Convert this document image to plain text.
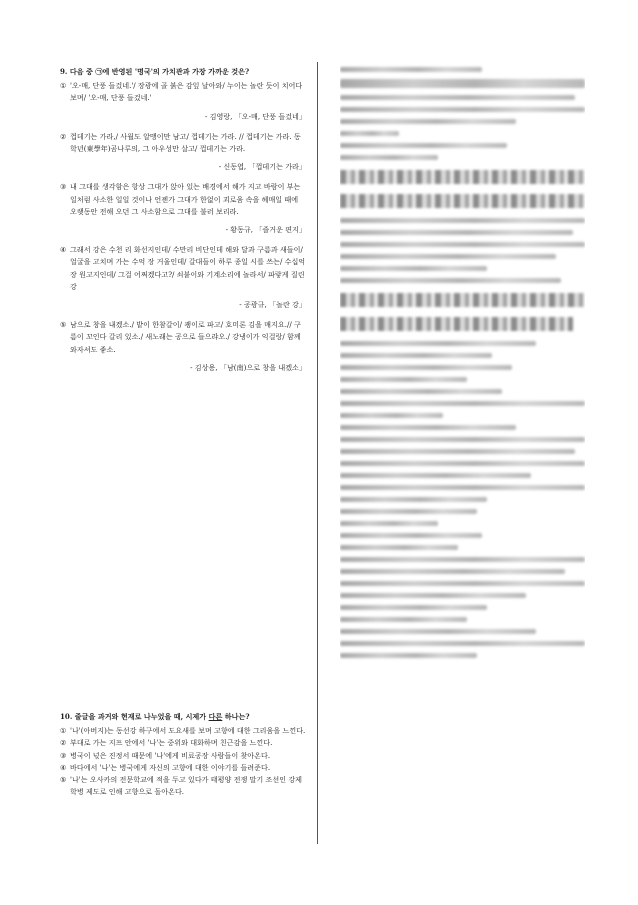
9. 다음 중 ㉠에 반영된 '명국'의 가치관과 가장 가까운 것은?
① '오-매, 단풍 들겄네.'/ 장광에 골 붉은 감잎 날아와/ 누이는 놀란 듯이 치어다보며/ '오-매, 단풍 들겄네.'
- 김영랑, 「오-매, 단풍 들겄네」
② 껍데기는 가라,/ 사월도 알맹이만 남고/ 껍데기는 가라. // 껍데기는 가라. 동학년(東學年)곰나루의, 그 아우성만 살고/ 껍데기는 가라.
- 신동엽, 「껍데기는 가라」
③ 내 그대를 생각함은 항상 그대가 앉아 있는 배경에서 해가 지고 바람이 부는 일처럼 사소한 일일 것이나 언젠가 그대가 한없이 괴로움 속을 헤매일 때에 오랫동안 전해 오던 그 사소함으로 그대를 불러 보리라.
- 황동규, 「즐거운 편지」
④ 그래서 강은 수천 리 화선지인데/ 수만리 비단인데 해와 달과 구름과 새들이/ 얼굴을 고치며 가는 수억 장 거울인데/ 갈대들이 하루 종일 시를 쓰는/ 수십억 장 원고지인데/ 그걸 어쩌겠다고?/ 쇠붙이와 기계소리에 놀라서/ 파랗게 질린 강
- 공광규, 「놀란 강」
⑤ 남으로 창을 내겠소./ 밭이 한참갈이/ 괭이로 파고/ 호미론 김을 매지요.// 구름이 꼬인다 갈리 있소./ 새노래는 공으로 들으랴오./ 강냉이가 익걸랑/ 함께 와자셔도 좋소.
- 김상용, 「남(南)으로 창을 내겠소」
10. 줄글을 과거와 현재로 나누었을 때, 시제가 다른 하나는?
① '나'(아버지)는 동선강 하구에서 도요새를 보며 고향에 대한 그리움을 느낀다.
② 부대로 가는 지프 안에서 '나'는 중위와 대화하며 친근감을 느낀다.
③ 병국이 넋은 진정서 때문에 '나'에게 비료공장 사람들이 찾아온다.
④ 바다에서 '나'는 병국에게 자신의 고향에 대한 이야기를 들려준다.
⑤ '나'는 오사카의 전문학교에 적을 두고 있다가 태평양 전쟁 말기 조선인 강제 학병 제도로 인해 고향으로 돌아온다.
